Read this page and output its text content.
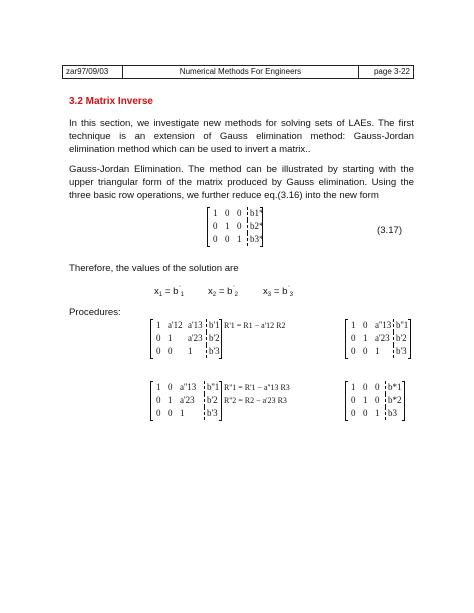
zar97/09/03	Numerical Methods For Engineers	page 3-22
3.2 Matrix Inverse
In this section, we investigate new methods for solving sets of LAEs. The first technique is an extension of Gauss elimination method: Gauss-Jordan elimination method which can be used to invert a matrix..
Gauss-Jordan Elimination. The method can be illustrated by starting with the upper triangular form of the matrix produced by Gauss elimination. Using the three basic row operations, we further reduce eq.(3.16) into the new form
1 0 0 b1*
0 1 0 b2*
0 0 1 b3*
(3.17)
Therefore, the values of the solution are
$x_1 = b'_1$	$x_2 = b'_2$	$x_3 = b'_3$
Procedures:
1 a'12 a'13 b'1
0 1	a'23 b'2
0 0	1	b'3
R'1 = R1 − a'12 R2	1 0 a''13 b''1
0 1 a'23 b'2
0 0 1	b'3
1 0 a''13	b''1
0 1 a'23	b'2
0 0 1	b'3
R''1 = R'1 − a''13 R3
R''2 = R2 − a'23 R3
1 0 0 b*1
0 1 0 b*2
0 0 1 b3
